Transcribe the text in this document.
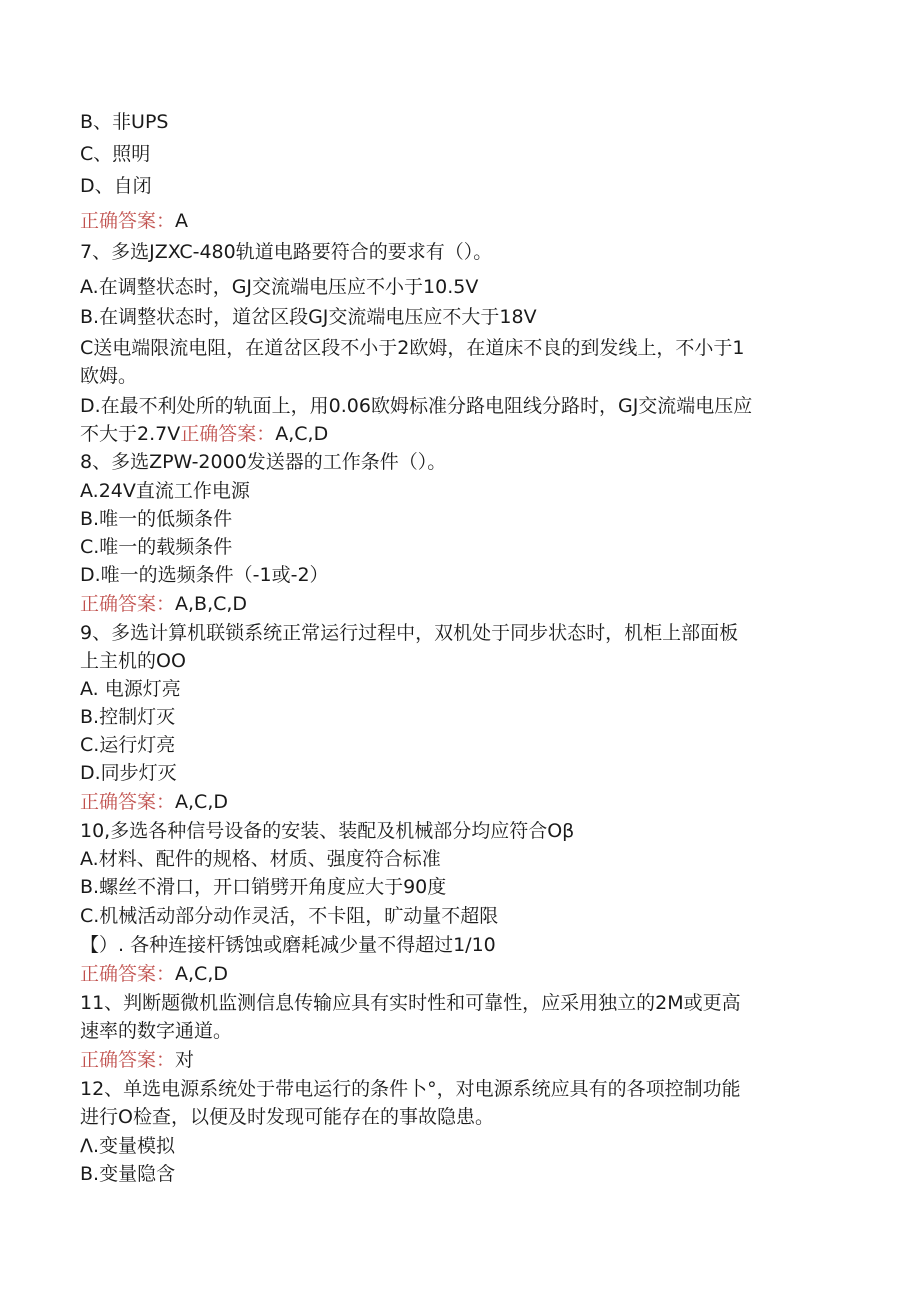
B、非UPS
C、照明
D、自闭
正确答案：A
7、多选JZXC-480轨道电路要符合的要求有（）。
A.在调整状态时，GJ交流端电压应不小于10.5V
B.在调整状态时，道岔区段GJ交流端电压应不大于18V
C送电端限流电阻，在道岔区段不小于2欧姆，在道床不良的到发线上，不小于1
欧姆。
D.在最不利处所的轨面上，用0.06欧姆标准分路电阻线分路时，GJ交流端电压应
不大于2.7V正确答案：A,C,D
8、多选ZPW-2000发送器的工作条件（）。
A.24V直流工作电源
B.唯一的低频条件
C.唯一的载频条件
D.唯一的选频条件（-1或-2）
正确答案：A,B,C,D
9、多选计算机联锁系统正常运行过程中，双机处于同步状态时，机柜上部面板
上主机的OO
A. 电源灯亮
B.控制灯灭
C.运行灯亮
D.同步灯灭
正确答案：A,C,D
10,多选各种信号设备的安装、装配及机械部分均应符合Oβ
A.材料、配件的规格、材质、强度符合标准
B.螺丝不滑口，开口销劈开角度应大于90度
C.机械活动部分动作灵活，不卡阻，旷动量不超限
【）. 各种连接杆锈蚀或磨耗减少量不得超过1/10
正确答案：A,C,D
11、判断题微机监测信息传输应具有实时性和可靠性，应采用独立的2M或更高
速率的数字通道。
正确答案：对
12、单选电源系统处于带电运行的条件卜°，对电源系统应具有的各项控制功能
进行O检查，以便及时发现可能存在的事故隐患。
Λ.变量模拟
B.变量隐含
